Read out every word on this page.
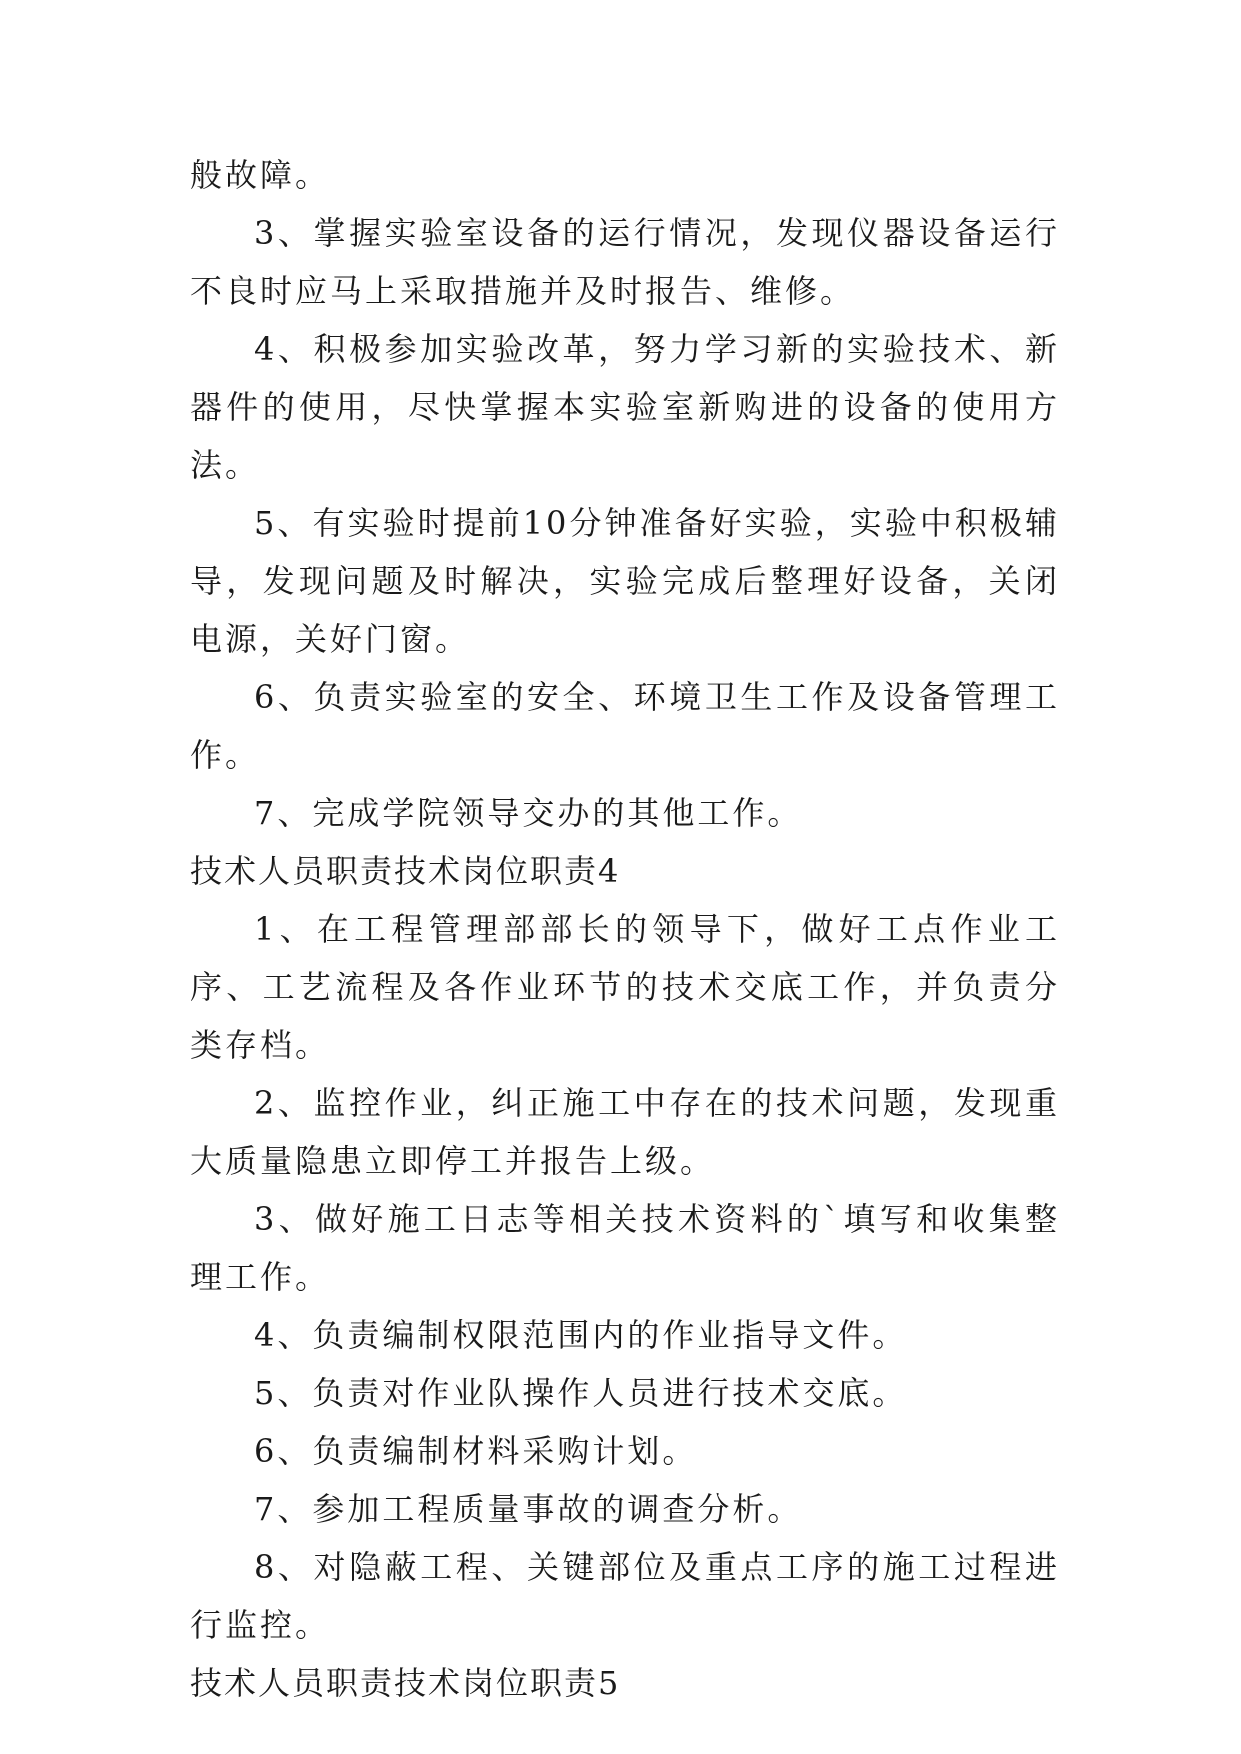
般故障。

3、掌握实验室设备的运行情况，发现仪器设备运行不良时应马上采取措施并及时报告、维修。

4、积极参加实验改革，努力学习新的实验技术、新器件的使用，尽快掌握本实验室新购进的设备的使用方法。

5、有实验时提前10分钟准备好实验，实验中积极辅导，发现问题及时解决，实验完成后整理好设备，关闭电源，关好门窗。

6、负责实验室的安全、环境卫生工作及设备管理工作。

7、完成学院领导交办的其他工作。

技术人员职责技术岗位职责4

1、在工程管理部部长的领导下，做好工点作业工序、工艺流程及各作业环节的技术交底工作，并负责分类存档。

2、监控作业，纠正施工中存在的技术问题，发现重大质量隐患立即停工并报告上级。

3、做好施工日志等相关技术资料的`填写和收集整理工作。

4、负责编制权限范围内的作业指导文件。

5、负责对作业队操作人员进行技术交底。

6、负责编制材料采购计划。

7、参加工程质量事故的调查分析。

8、对隐蔽工程、关键部位及重点工序的施工过程进行监控。

技术人员职责技术岗位职责5
